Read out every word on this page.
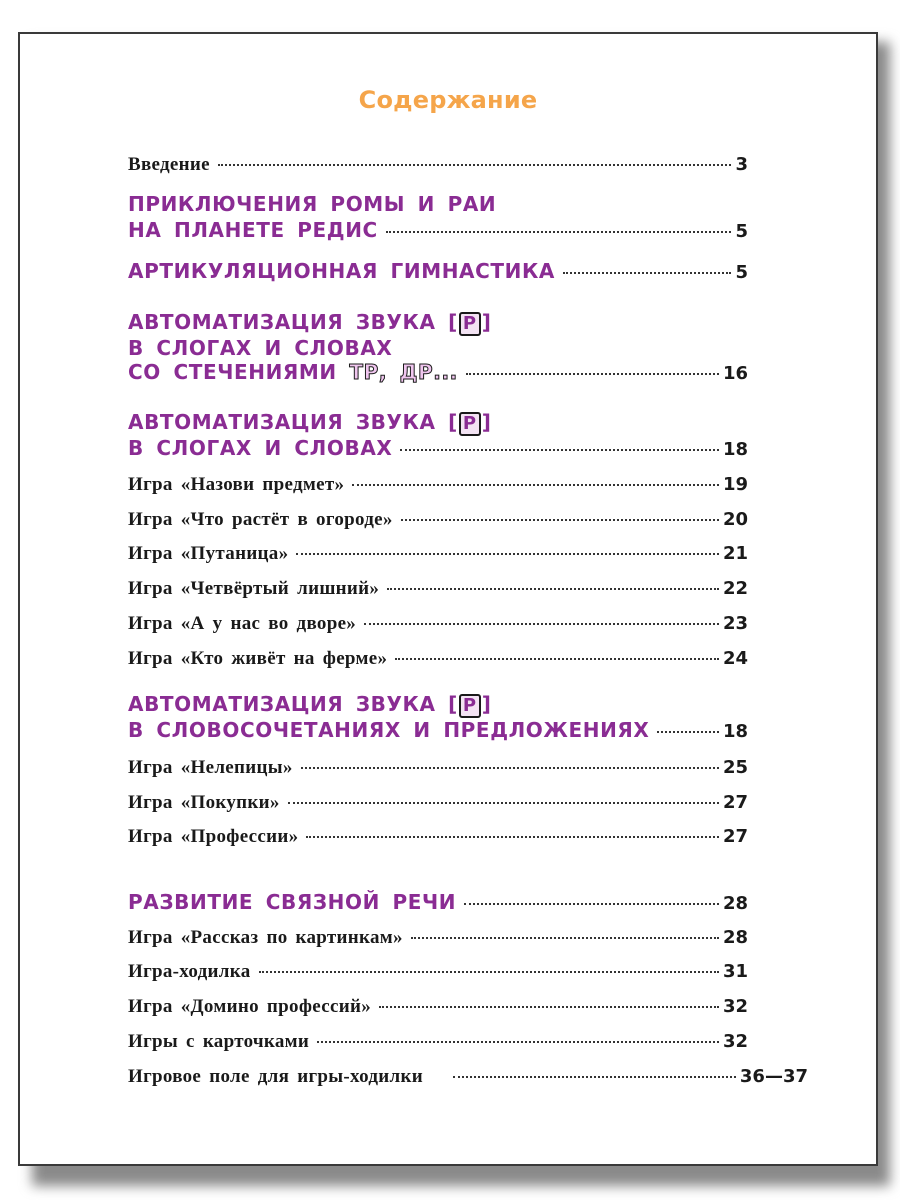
Содержание
Введение	3
ПРИКЛЮЧЕНИЯ РОМЫ И РАИ
НА ПЛАНЕТЕ РЕДИС	5
АРТИКУЛЯЦИОННАЯ ГИМНАСТИКА	5
АВТОМАТИЗАЦИЯ ЗВУКА [ Р ]
В СЛОГАХ И СЛОВАХ
СО СТЕЧЕНИЯМИ ТР, ДР...	16
АВТОМАТИЗАЦИЯ ЗВУКА [ Р ]
В СЛОГАХ И СЛОВАХ	18
Игра «Назови предмет»	19
Игра «Что растёт в огороде»	20
Игра «Путаница»	21
Игра «Четвёртый лишний»	22
Игра «А у нас во дворе»	23
Игра «Кто живёт на ферме»	24
АВТОМАТИЗАЦИЯ ЗВУКА [ Р ]
В СЛОВОСОЧЕТАНИЯХ И ПРЕДЛОЖЕНИЯХ	18
Игра «Нелепицы»	25
Игра «Покупки»	27
Игра «Профессии»	27
РАЗВИТИЕ СВЯЗНОЙ РЕЧИ	28
Игра «Рассказ по картинкам»	28
Игра-ходилка	31
Игра «Домино профессий»	32
Игры с карточками	32
Игровое поле для игры-ходилки	36—37
